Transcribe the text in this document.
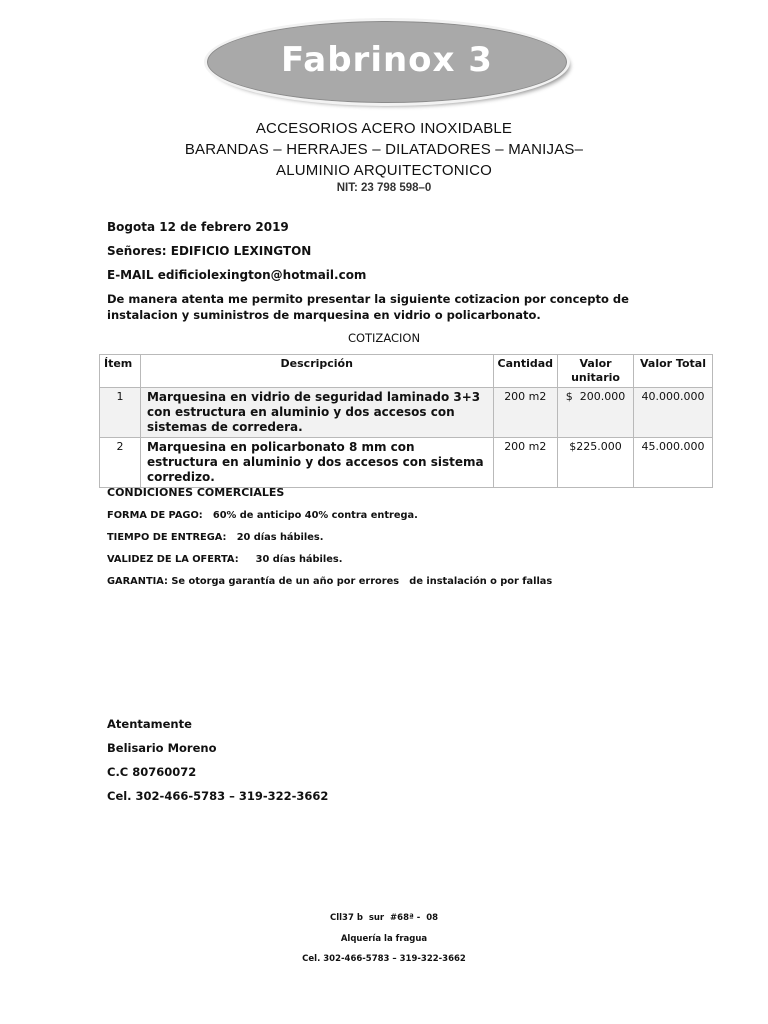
Fabrinox 3
ACCESORIOS ACERO INOXIDABLE
BARANDAS – HERRAJES – DILATADORES – MANIJAS–
ALUMINIO ARQUITECTONICO
NIT: 23 798 598–0
Bogota 12 de febrero 2019
Señores: EDIFICIO LEXINGTON
E-MAIL edificiolexington@hotmail.com
De manera atenta me permito presentar la siguiente cotizacion por concepto de instalacion y suministros de marquesina en vidrio o policarbonato.
COTIZACION
Ítem	Descripción	Cantidad	Valor unitario	Valor Total
1	Marquesina en vidrio de seguridad laminado 3+3 con estructura en aluminio y dos accesos con sistemas de corredera.	200 m2	$  200.000	40.000.000
2	Marquesina en policarbonato 8 mm con estructura en aluminio y dos accesos con sistema corredizo.	200 m2	$225.000	45.000.000
CONDICIONES COMERCIALES
FORMA DE PAGO:   60% de anticipo 40% contra entrega.
TIEMPO DE ENTREGA:   20 días hábiles.
VALIDEZ DE LA OFERTA:     30 días hábiles.
GARANTIA: Se otorga garantía de un año por errores   de instalación o por fallas
Atentamente
Belisario Moreno
C.C 80760072
Cel. 302-466-5783 – 319-322-3662
Cll37 b  sur  #68ª -  08
Alquería la fragua
Cel. 302-466-5783 – 319-322-3662
